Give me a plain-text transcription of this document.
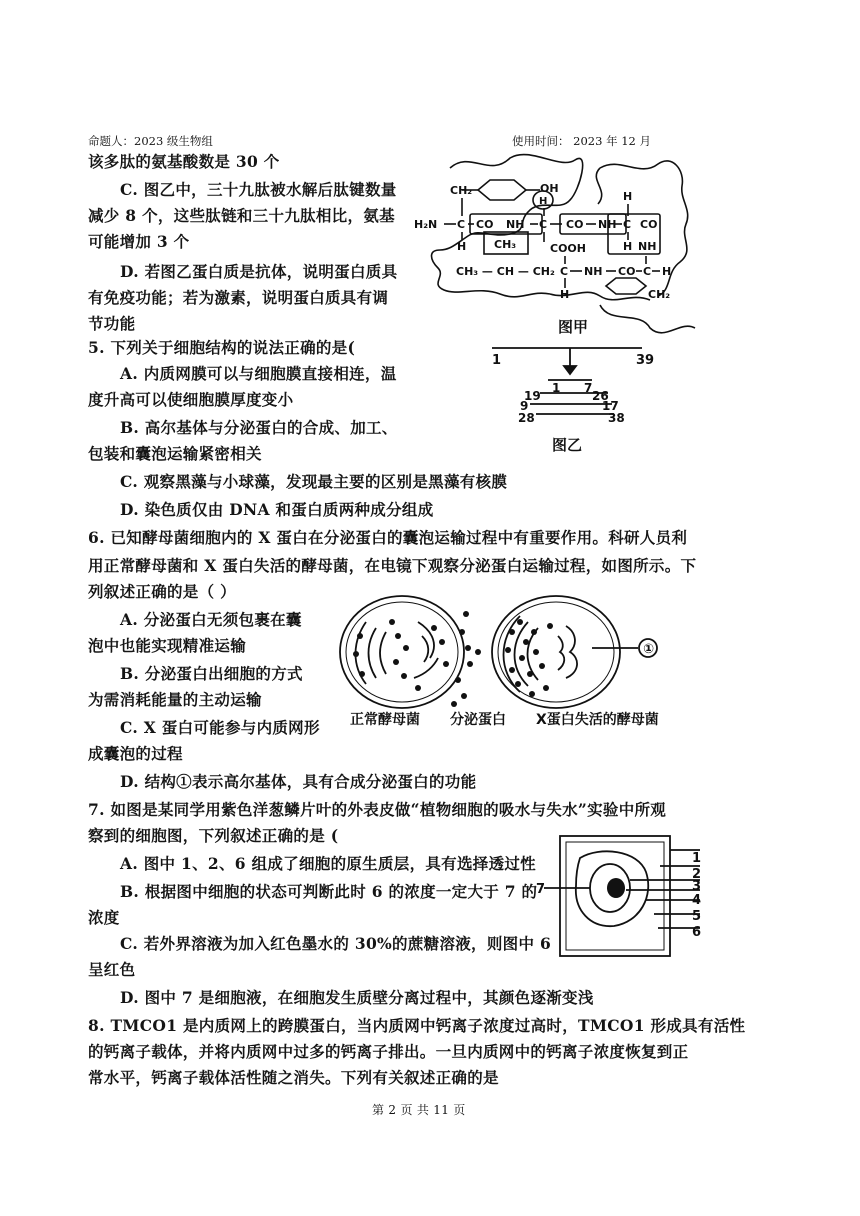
命题人：2023 级生物组	使用时间： 2023 年 12 月
该多肽的氨基酸数是 30 个
C. 图乙中，三十九肽被水解后肽键数量
减少 8 个，这些肽链和三十九肽相比，氨基
可能增加 3 个
D. 若图乙蛋白质是抗体，说明蛋白质具
有免疫功能；若为激素，说明蛋白质具有调
节功能
CH₂	OH
H
H₂N C CO NH C CO NH C CO
H
H
H
CH₃	COOH	NH
CH₃ — CH — CH₂ C NH CO C H
H	CH₂
图甲
1	39
1 7
19	26
9	17
28	38
图乙
5. 下列关于细胞结构的说法正确的是(
A. 内质网膜可以与细胞膜直接相连，温
度升高可以使细胞膜厚度变小
B. 高尔基体与分泌蛋白的合成、加工、
包装和囊泡运输紧密相关
C. 观察黑藻与小球藻，发现最主要的区别是黑藻有核膜
D. 染色质仅由 DNA 和蛋白质两种成分组成
6. 已知酵母菌细胞内的 X 蛋白在分泌蛋白的囊泡运输过程中有重要作用。科研人员利
用正常酵母菌和 X 蛋白失活的酵母菌，在电镜下观察分泌蛋白运输过程，如图所示。下
列叙述正确的是（ ）
A. 分泌蛋白无须包裹在囊
泡中也能实现精准运输
B. 分泌蛋白出细胞的方式
为需消耗能量的主动运输
C. X 蛋白可能参与内质网形
成囊泡的过程
D. 结构①表示高尔基体，具有合成分泌蛋白的功能
①
正常酵母菌 分泌蛋白 X蛋白失活的酵母菌
7. 如图是某同学用紫色洋葱鳞片叶的外表皮做“植物细胞的吸水与失水”实验中所观
察到的细胞图，下列叙述正确的是 (
A. 图中 1、2、6 组成了细胞的原生质层，具有选择透过性
B. 根据图中细胞的状态可判断此时 6 的浓度一定大于 7 的
浓度
C. 若外界溶液为加入红色墨水的 30%的蔗糖溶液，则图中 6
呈红色
D. 图中 7 是细胞液，在细胞发生质壁分离过程中，其颜色逐渐变浅
1
2
3
4
5
6
7
8. TMCO1 是内质网上的跨膜蛋白，当内质网中钙离子浓度过高时，TMCO1 形成具有活性
的钙离子载体，并将内质网中过多的钙离子排出。一旦内质网中的钙离子浓度恢复到正
常水平，钙离子载体活性随之消失。下列有关叙述正确的是
第 2 页 共 11 页
